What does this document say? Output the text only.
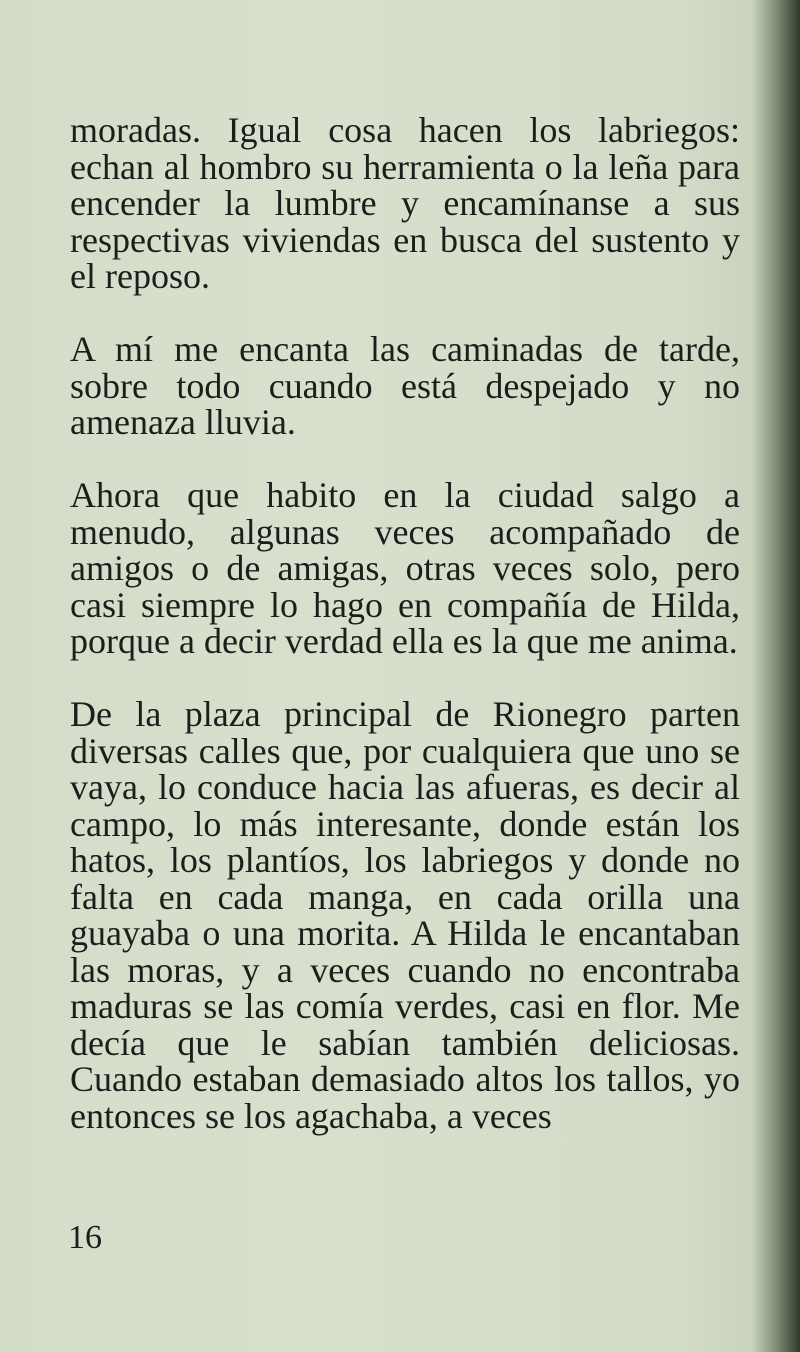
moradas. Igual cosa hacen los labriegos: echan al hombro su herramienta o la leña para encender la lumbre y encamínanse a sus respectivas viviendas en busca del sustento y el reposo.

A mí me encanta las caminadas de tarde, sobre todo cuando está despejado y no amenaza lluvia.

Ahora que habito en la ciudad salgo a menudo, algunas veces acompañado de amigos o de amigas, otras veces solo, pero casi siempre lo hago en compañía de Hilda, porque a decir verdad ella es la que me anima.

De la plaza principal de Rionegro parten diversas calles que, por cualquiera que uno se vaya, lo conduce hacia las afueras, es decir al campo, lo más interesante, donde están los hatos, los plantíos, los labriegos y donde no falta en cada manga, en cada orilla una guayaba o una morita. A Hilda le encantaban las moras, y a veces cuando no encontraba maduras se las comía verdes, casi en flor. Me decía que le sabían también deliciosas. Cuando estaban demasiado altos los tallos, yo entonces se los agachaba, a veces

16
